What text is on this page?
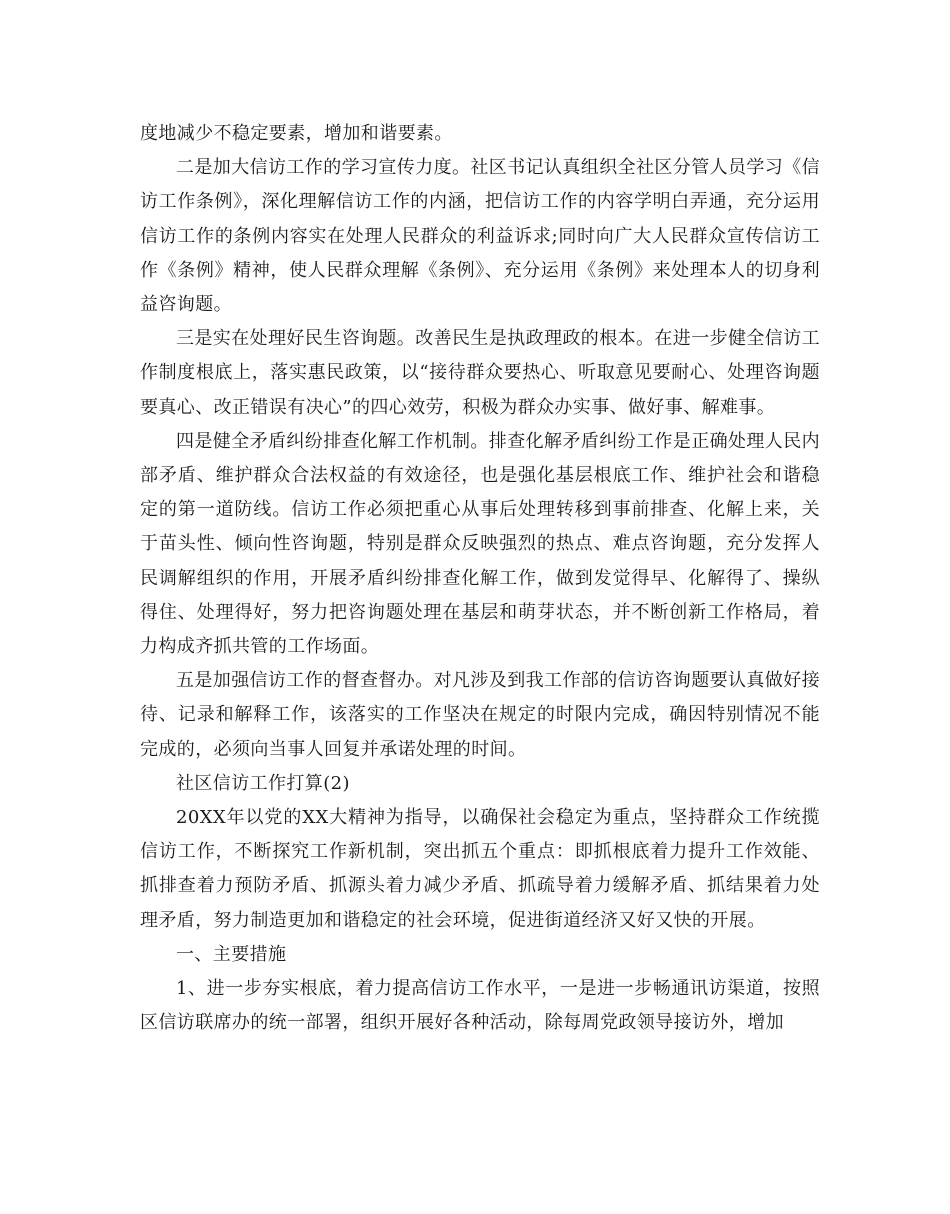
度地减少不稳定要素，增加和谐要素。

二是加大信访工作的学习宣传力度。社区书记认真组织全社区分管人员学习《信访工作条例》，深化理解信访工作的内涵，把信访工作的内容学明白弄通，充分运用信访工作的条例内容实在处理人民群众的利益诉求;同时向广大人民群众宣传信访工作《条例》精神，使人民群众理解《条例》、充分运用《条例》来处理本人的切身利益咨询题。

三是实在处理好民生咨询题。改善民生是执政理政的根本。在进一步健全信访工作制度根底上，落实惠民政策，以“接待群众要热心、听取意见要耐心、处理咨询题要真心、改正错误有决心”的四心效劳，积极为群众办实事、做好事、解难事。

四是健全矛盾纠纷排查化解工作机制。排查化解矛盾纠纷工作是正确处理人民内部矛盾、维护群众合法权益的有效途径，也是强化基层根底工作、维护社会和谐稳定的第一道防线。信访工作必须把重心从事后处理转移到事前排查、化解上来，关于苗头性、倾向性咨询题，特别是群众反映强烈的热点、难点咨询题，充分发挥人民调解组织的作用，开展矛盾纠纷排查化解工作，做到发觉得早、化解得了、操纵得住、处理得好，努力把咨询题处理在基层和萌芽状态，并不断创新工作格局，着力构成齐抓共管的工作场面。

五是加强信访工作的督查督办。对凡涉及到我工作部的信访咨询题要认真做好接待、记录和解释工作，该落实的工作坚决在规定的时限内完成，确因特别情况不能完成的，必须向当事人回复并承诺处理的时间。

社区信访工作打算(2)

20XX年以党的XX大精神为指导，以确保社会稳定为重点，坚持群众工作统揽信访工作，不断探究工作新机制，突出抓五个重点：即抓根底着力提升工作效能、抓排查着力预防矛盾、抓源头着力减少矛盾、抓疏导着力缓解矛盾、抓结果着力处理矛盾，努力制造更加和谐稳定的社会环境，促进街道经济又好又快的开展。

一、主要措施

1、进一步夯实根底，着力提高信访工作水平，一是进一步畅通讯访渠道，按照区信访联席办的统一部署，组织开展好各种活动，除每周党政领导接访外，增加
